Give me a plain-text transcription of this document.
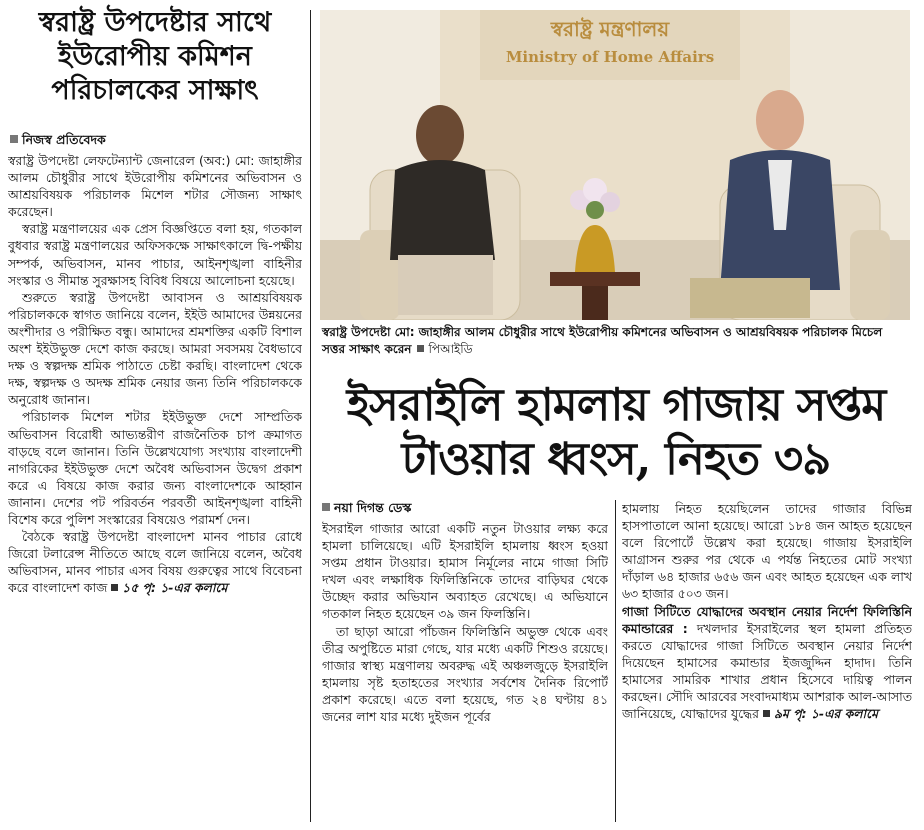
স্বরাষ্ট্র উপদেষ্টার সাথে
ইউরোপীয় কমিশন
পরিচালকের সাক্ষাৎ
নিজস্ব প্রতিবেদক

স্বরাষ্ট্র উপদেষ্টা লেফটেন্যান্ট জেনারেল (অব:) মো: জাহাঙ্গীর আলম চৌধুরীর সাথে ইউরোপীয় কমিশনের অভিবাসন ও আশ্রয়বিষয়ক পরিচালক মিশেল শটার সৌজন্য সাক্ষাৎ করেছেন।

স্বরাষ্ট্র মন্ত্রণালয়ের এক প্রেস বিজ্ঞপ্তিতে বলা হয়, গতকাল বুধবার স্বরাষ্ট্র মন্ত্রণালয়ের অফিসকক্ষে সাক্ষাৎকালে দ্বি-পক্ষীয় সম্পর্ক, অভিবাসন, মানব পাচার, আইনশৃঙ্খলা বাহিনীর সংস্কার ও সীমান্ত সুরক্ষাসহ বিবিধ বিষয়ে আলোচনা হয়েছে।

শুরুতে স্বরাষ্ট্র উপদেষ্টা আবাসন ও আশ্রয়বিষয়ক পরিচালককে স্বাগত জানিয়ে বলেন, ইইউ আমাদের উন্নয়নের অংশীদার ও পরীক্ষিত বন্ধু। আমাদের শ্রমশক্তির একটি বিশাল অংশ ইইউভুক্ত দেশে কাজ করছে। আমরা সবসময় বৈধভাবে দক্ষ ও স্বল্পদক্ষ শ্রমিক পাঠাতে চেষ্টা করছি। বাংলাদেশ থেকে দক্ষ, স্বল্পদক্ষ ও অদক্ষ শ্রমিক নেয়ার জন্য তিনি পরিচালককে অনুরোধ জানান।

পরিচালক মিশেল শটার ইইউভুক্ত দেশে সাম্প্রতিক অভিবাসন বিরোধী আভ্যন্তরীণ রাজনৈতিক চাপ ক্রমাগত বাড়ছে বলে জানান। তিনি উল্লেখযোগ্য সংখ্যায় বাংলাদেশী নাগরিকের ইইউভুক্ত দেশে অবৈধ অভিবাসন উদ্বেগ প্রকাশ করে এ বিষয়ে কাজ করার জন্য বাংলাদেশকে আহ্বান জানান। দেশের পট পরিবর্তন পরবর্তী আইনশৃঙ্খলা বাহিনী বিশেষ করে পুলিশ সংস্কারের বিষয়েও পরামর্শ দেন।

বৈঠকে স্বরাষ্ট্র উপদেষ্টা বাংলাদেশ মানব পাচার রোধে জিরো টলারেন্স নীতিতে আছে বলে জানিয়ে বলেন, অবৈধ অভিবাসন, মানব পাচার এসব বিষয় গুরুত্বের সাথে বিবেচনা করে বাংলাদেশ কাজ ১৫ পৃ: ১-এর কলামে

স্বরাষ্ট্র মন্ত্রণালয়
Ministry of Home Affairs
স্বরাষ্ট্র উপদেষ্টা মো: জাহাঙ্গীর আলম চৌধুরীর সাথে ইউরোপীয় কমিশনের অভিবাসন ও আশ্রয়বিষয়ক পরিচালক মিচেল সত্তর সাক্ষাৎ করেন পিআইডি
ইসরাইলি হামলায় গাজায় সপ্তম
টাওয়ার ধ্বংস, নিহত ৩৯
নয়া দিগন্ত ডেস্ক

ইসরাইল গাজার আরো একটি নতুন টাওয়ার লক্ষ্য করে হামলা চালিয়েছে। এটি ইসরাইলি হামলায় ধ্বংস হওয়া সপ্তম প্রধান টাওয়ার। হামাস নির্মূলের নামে গাজা সিটি দখল এবং লক্ষাধিক ফিলিস্তিনিকে তাদের বাড়িঘর থেকে উচ্ছেদ করার অভিযান অব্যাহত রেখেছে। এ অভিযানে গতকাল নিহত হয়েছেন ৩৯ জন ফিলস্তিনি।

তা ছাড়া আরো পাঁচজন ফিলিস্তিনি অভুক্ত থেকে এবং তীব্র অপুষ্টিতে মারা গেছে, যার মধ্যে একটি শিশুও রয়েছে। গাজার স্বাস্থ্য মন্ত্রণালয় অবরুদ্ধ এই অঞ্চলজুড়ে ইসরাইলি হামলায় সৃষ্ট হতাহতের সংখ্যার সর্বশেষ দৈনিক রিপোর্ট প্রকাশ করেছে। এতে বলা হয়েছে, গত ২৪ ঘণ্টায় ৪১ জনের লাশ যার মধ্যে দুইজন পূর্বের

হামলায় নিহত হয়েছিলেন তাদের গাজার বিভিন্ন হাসপাতালে আনা হয়েছে। আরো ১৮৪ জন আহত হয়েছেন বলে রিপোর্টে উল্লেখ করা হয়েছে। গাজায় ইসরাইলি আগ্রাসন শুরুর পর থেকে এ পর্যন্ত নিহতের মোট সংখ্যা দাঁড়াল ৬৪ হাজার ৬৫৬ জন এবং আহত হয়েছেন এক লাখ ৬৩ হাজার ৫০৩ জন।

গাজা সিটিতে যোদ্ধাদের অবস্থান নেয়ার নির্দেশ ফিলিস্তিনি কমান্ডারের : দখলদার ইসরাইলের স্থল হামলা প্রতিহত করতে যোদ্ধাদের গাজা সিটিতে অবস্থান নেয়ার নির্দেশ দিয়েছেন হামাসের কমান্ডার ইজজুদ্দিন হাদাদ। তিনি হামাসের সামরিক শাখার প্রধান হিসেবে দায়িত্ব পালন করছেন। সৌদি আরবের সংবাদমাধ্যম আশরাক আল-আসাত জানিয়েছে, যোদ্ধাদের যুদ্ধের ৯ম পৃ: ১-এর কলামে
